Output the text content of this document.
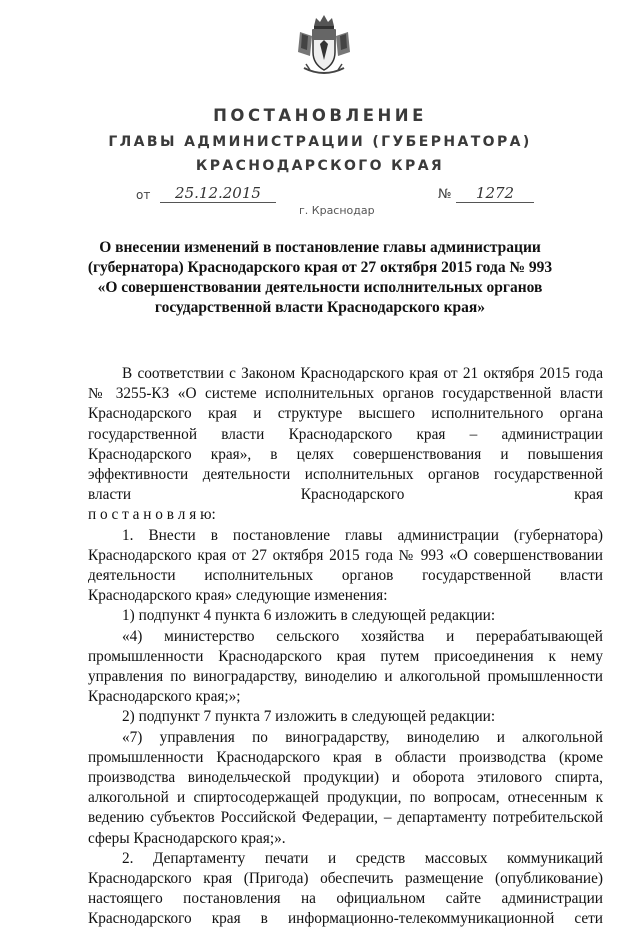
ПОСТАНОВЛЕНИЕ
ГЛАВЫ АДМИНИСТРАЦИИ (ГУБЕРНАТОРА)
КРАСНОДАРСКОГО КРАЯ
от	25.12.2015	№	1272
г. Краснодар
О внесении изменений в постановление главы администрации
(губернатора) Краснодарского края от 27 октября 2015 года № 993
«О совершенствовании деятельности исполнительных органов
государственной власти Краснодарского края»

В соответствии с Законом Краснодарского края от 21 октября 2015 года № 3255-КЗ «О системе исполнительных органов государственной власти Краснодарского края и структуре высшего исполнительного органа государственной власти Краснодарского края – администрации Краснодарского края», в целях совершенствования и повышения эффективности деятельности исполнительных органов государственной власти Краснодарского края

п о с т а н о в л я ю:

1. Внести в постановление главы администрации (губернатора) Краснодарского края от 27 октября 2015 года № 993 «О совершенствовании деятельности исполнительных органов государственной власти Краснодарского края» следующие изменения:

1) подпункт 4 пункта 6 изложить в следующей редакции:

«4) министерство сельского хозяйства и перерабатывающей промышленности Краснодарского края путем присоединения к нему управления по виноградарству, виноделию и алкогольной промышленности Краснодарского края;»;

2) подпункт 7 пункта 7 изложить в следующей редакции:

«7) управления по виноградарству, виноделию и алкогольной промышленности Краснодарского края в области производства (кроме производства винодельческой продукции) и оборота этилового спирта, алкогольной и спиртосодержащей продукции, по вопросам, отнесенным к ведению субъектов Российской Федерации, – департаменту потребительской сферы Краснодарского края;».

2. Департаменту печати и средств массовых коммуникаций Краснодарского края (Пригода) обеспечить размещение (опубликование) настоящего постановления на официальном сайте администрации Краснодарского края в информационно-телекоммуникационной сети
